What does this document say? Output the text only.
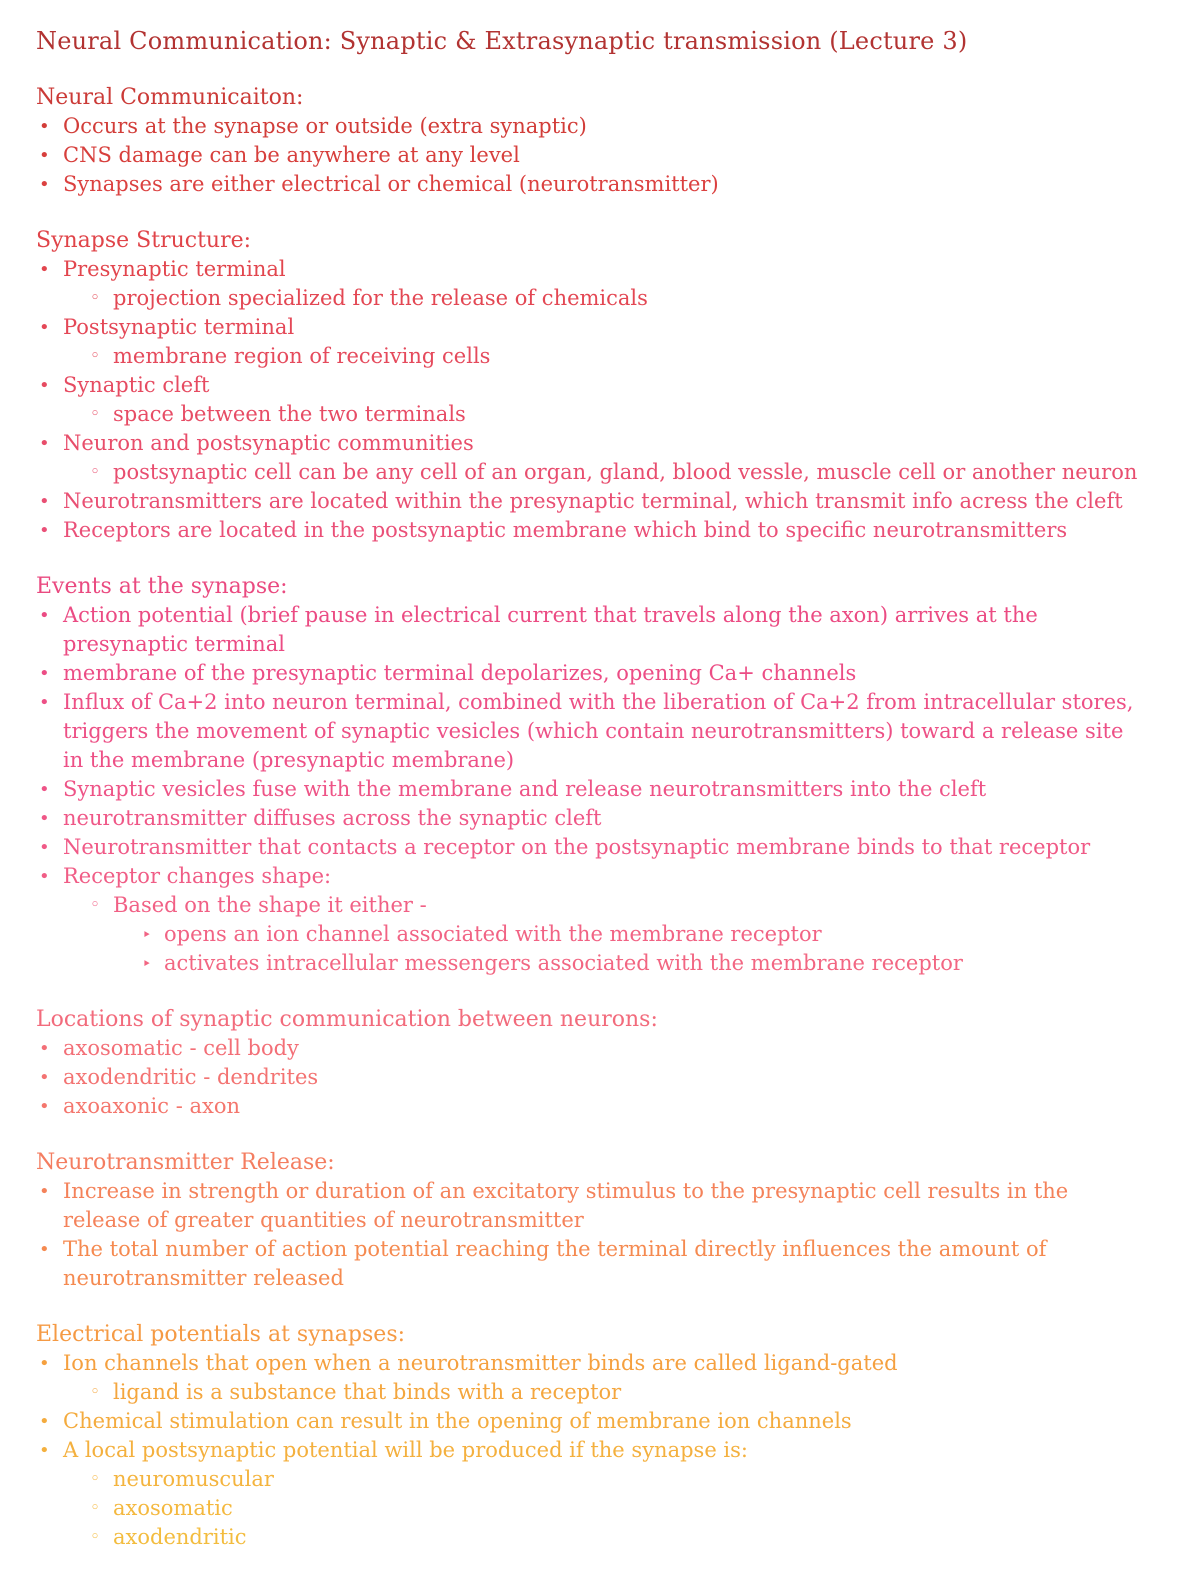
Neural Communication: Synaptic & Extrasynaptic transmission (Lecture 3)
Neural Communicaiton:
• Occurs at the synapse or outside (extra synaptic)
• CNS damage can be anywhere at any level
• Synapses are either electrical or chemical (neurotransmitter)
Synapse Structure:
• Presynaptic terminal
◦ projection specialized for the release of chemicals
• Postsynaptic terminal
◦ membrane region of receiving cells
• Synaptic cleft
◦ space between the two terminals
• Neuron and postsynaptic communities
◦ postsynaptic cell can be any cell of an organ, gland, blood vessle, muscle cell or another neuron
• Neurotransmitters are located within the presynaptic terminal, which transmit info acress the cleft
• Receptors are located in the postsynaptic membrane which bind to specific neurotransmitters
Events at the synapse:
• Action potential (brief pause in electrical current that travels along the axon) arrives at the presynaptic terminal
• membrane of the presynaptic terminal depolarizes, opening Ca+ channels
• Influx of Ca+2 into neuron terminal, combined with the liberation of Ca+2 from intracellular stores, triggers the movement of synaptic vesicles (which contain neurotransmitters) toward a release site in the membrane (presynaptic membrane)
• Synaptic vesicles fuse with the membrane and release neurotransmitters into the cleft
• neurotransmitter diffuses across the synaptic cleft
• Neurotransmitter that contacts a receptor on the postsynaptic membrane binds to that receptor
• Receptor changes shape:
◦ Based on the shape it either -
‣ opens an ion channel associated with the membrane receptor
‣ activates intracellular messengers associated with the membrane receptor
Locations of synaptic communication between neurons:
• axosomatic - cell body
• axodendritic - dendrites
• axoaxonic - axon
Neurotransmitter Release:
• Increase in strength or duration of an excitatory stimulus to the presynaptic cell results in the release of greater quantities of neurotransmitter
• The total number of action potential reaching the terminal directly influences the amount of neurotransmitter released
Electrical potentials at synapses:
• Ion channels that open when a neurotransmitter binds are called ligand-gated
◦ ligand is a substance that binds with a receptor
• Chemical stimulation can result in the opening of membrane ion channels
• A local postsynaptic potential will be produced if the synapse is:
◦ neuromuscular
◦ axosomatic
◦ axodendritic
